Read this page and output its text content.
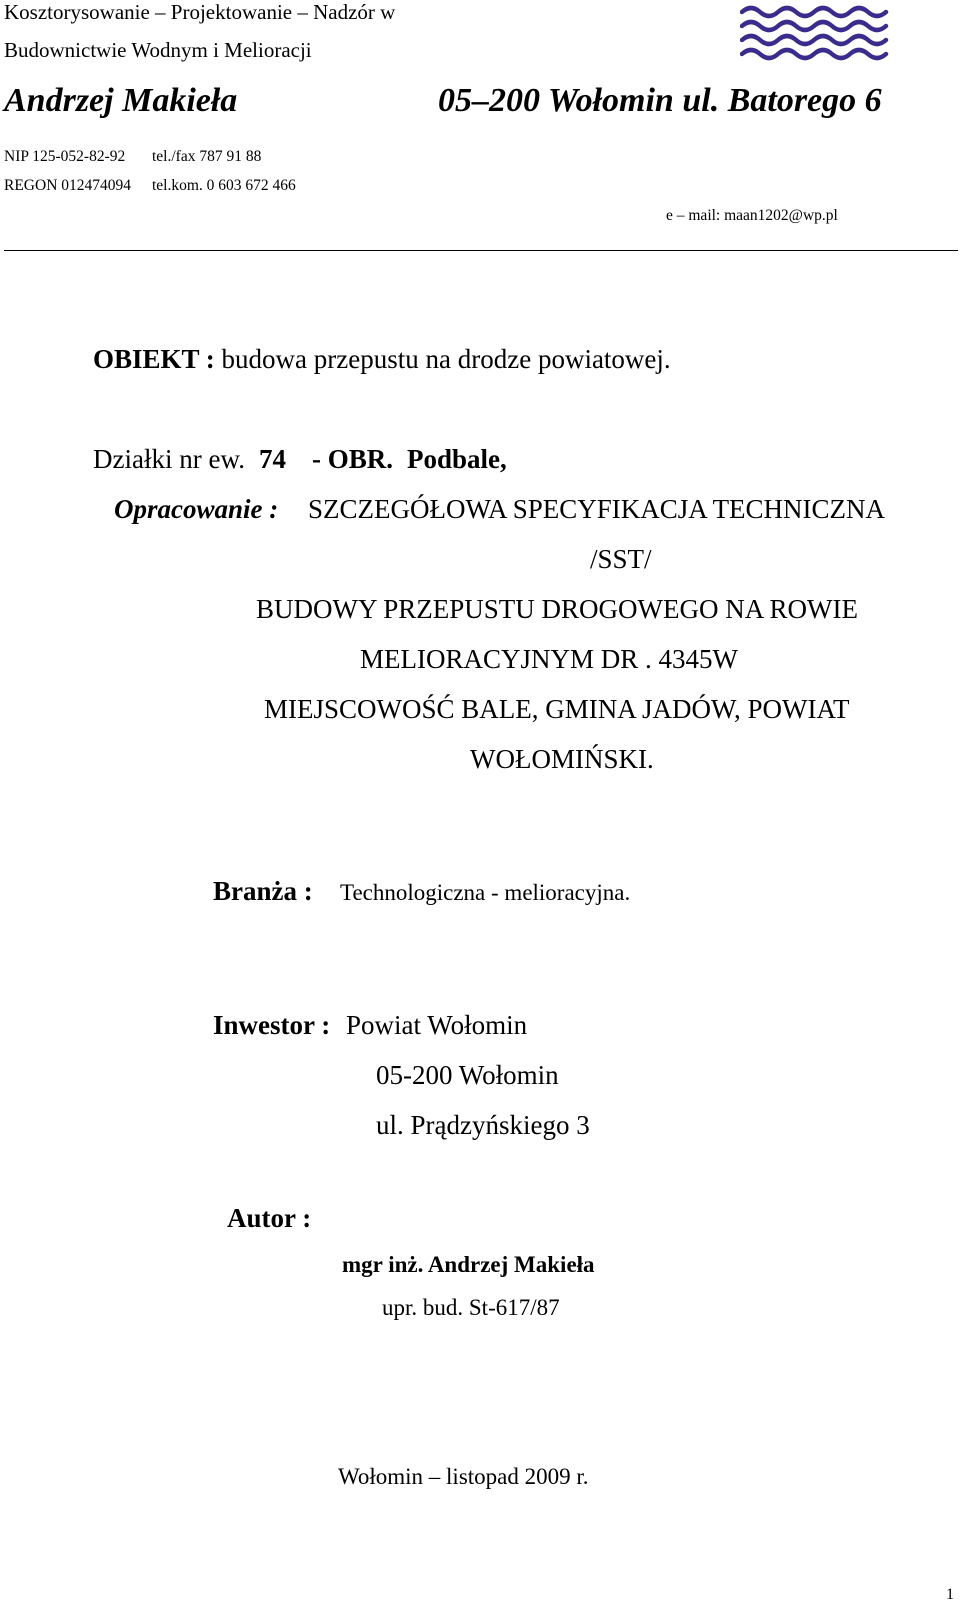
Kosztorysowanie – Projektowanie – Nadzór w
Budownictwie Wodnym i Melioracji
Andrzej Makieła	05–200 Wołomin ul. Batorego 6
NIP 125-052-82-92 tel./fax 787 91 88
REGON 012474094 tel.kom. 0 603 672 466
e – mail: maan1202@wp.pl
OBIEKT : budowa przepustu na drodze powiatowej.
Działki nr ew. 74 - OBR. Podbale,
Opracowanie : SZCZEGÓŁOWA SPECYFIKACJA TECHNICZNA
/SST/
BUDOWY PRZEPUSTU DROGOWEGO NA ROWIE
MELIORACYJNYM DR . 4345W
MIEJSCOWOŚĆ BALE, GMINA JADÓW, POWIAT
WOŁOMIŃSKI.
Branża : Technologiczna - melioracyjna.
Inwestor : Powiat Wołomin
05-200 Wołomin
ul. Prądzyńskiego 3
Autor :
mgr inż. Andrzej Makieła
upr. bud. St-617/87
Wołomin – listopad 2009 r.
1
